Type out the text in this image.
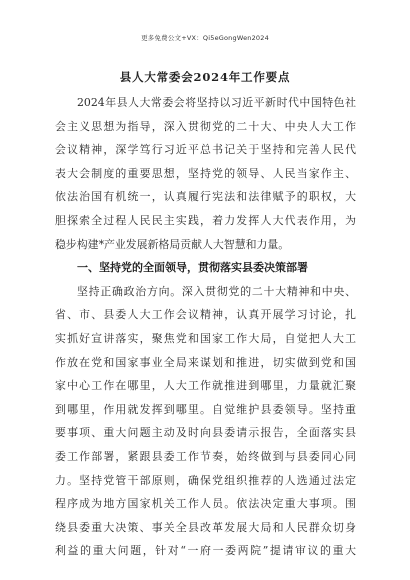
更多免费公文+VX：Qi5eGongWen2024
县人大常委会2024年工作要点
2024年县人大常委会将坚持以习近平新时代中国特色社
会主义思想为指导，深入贯彻党的二十大、中央人大工作
会议精神，深学笃行习近平总书记关于坚持和完善人民代
表大会制度的重要思想，坚持党的领导、人民当家作主、
依法治国有机统一，认真履行宪法和法律赋予的职权，大
胆探索全过程人民民主实践，着力发挥人大代表作用，为
稳步构建*产业发展新格局贡献人大智慧和力量。
一、坚持党的全面领导，贯彻落实县委决策部署
坚持正确政治方向。深入贯彻党的二十大精神和中央、
省、市、县委人大工作会议精神，认真开展学习讨论，扎
实抓好宣讲落实，聚焦党和国家工作大局，自觉把人大工
作放在党和国家事业全局来谋划和推进，切实做到党和国
家中心工作在哪里，人大工作就推进到哪里，力量就汇聚
到哪里，作用就发挥到哪里。自觉维护县委领导。坚持重
要事项、重大问题主动及时向县委请示报告，全面落实县
委工作部署，紧跟县委工作节奏，始终做到与县委同心同
力。坚持党管干部原则，确保党组织推荐的人选通过法定
程序成为地方国家机关工作人员。依法决定重大事项。围
绕县委重大决策、事关全县改革发展大局和人民群众切身
利益的重大问题，针对“一府一委两院”提请审议的重大
